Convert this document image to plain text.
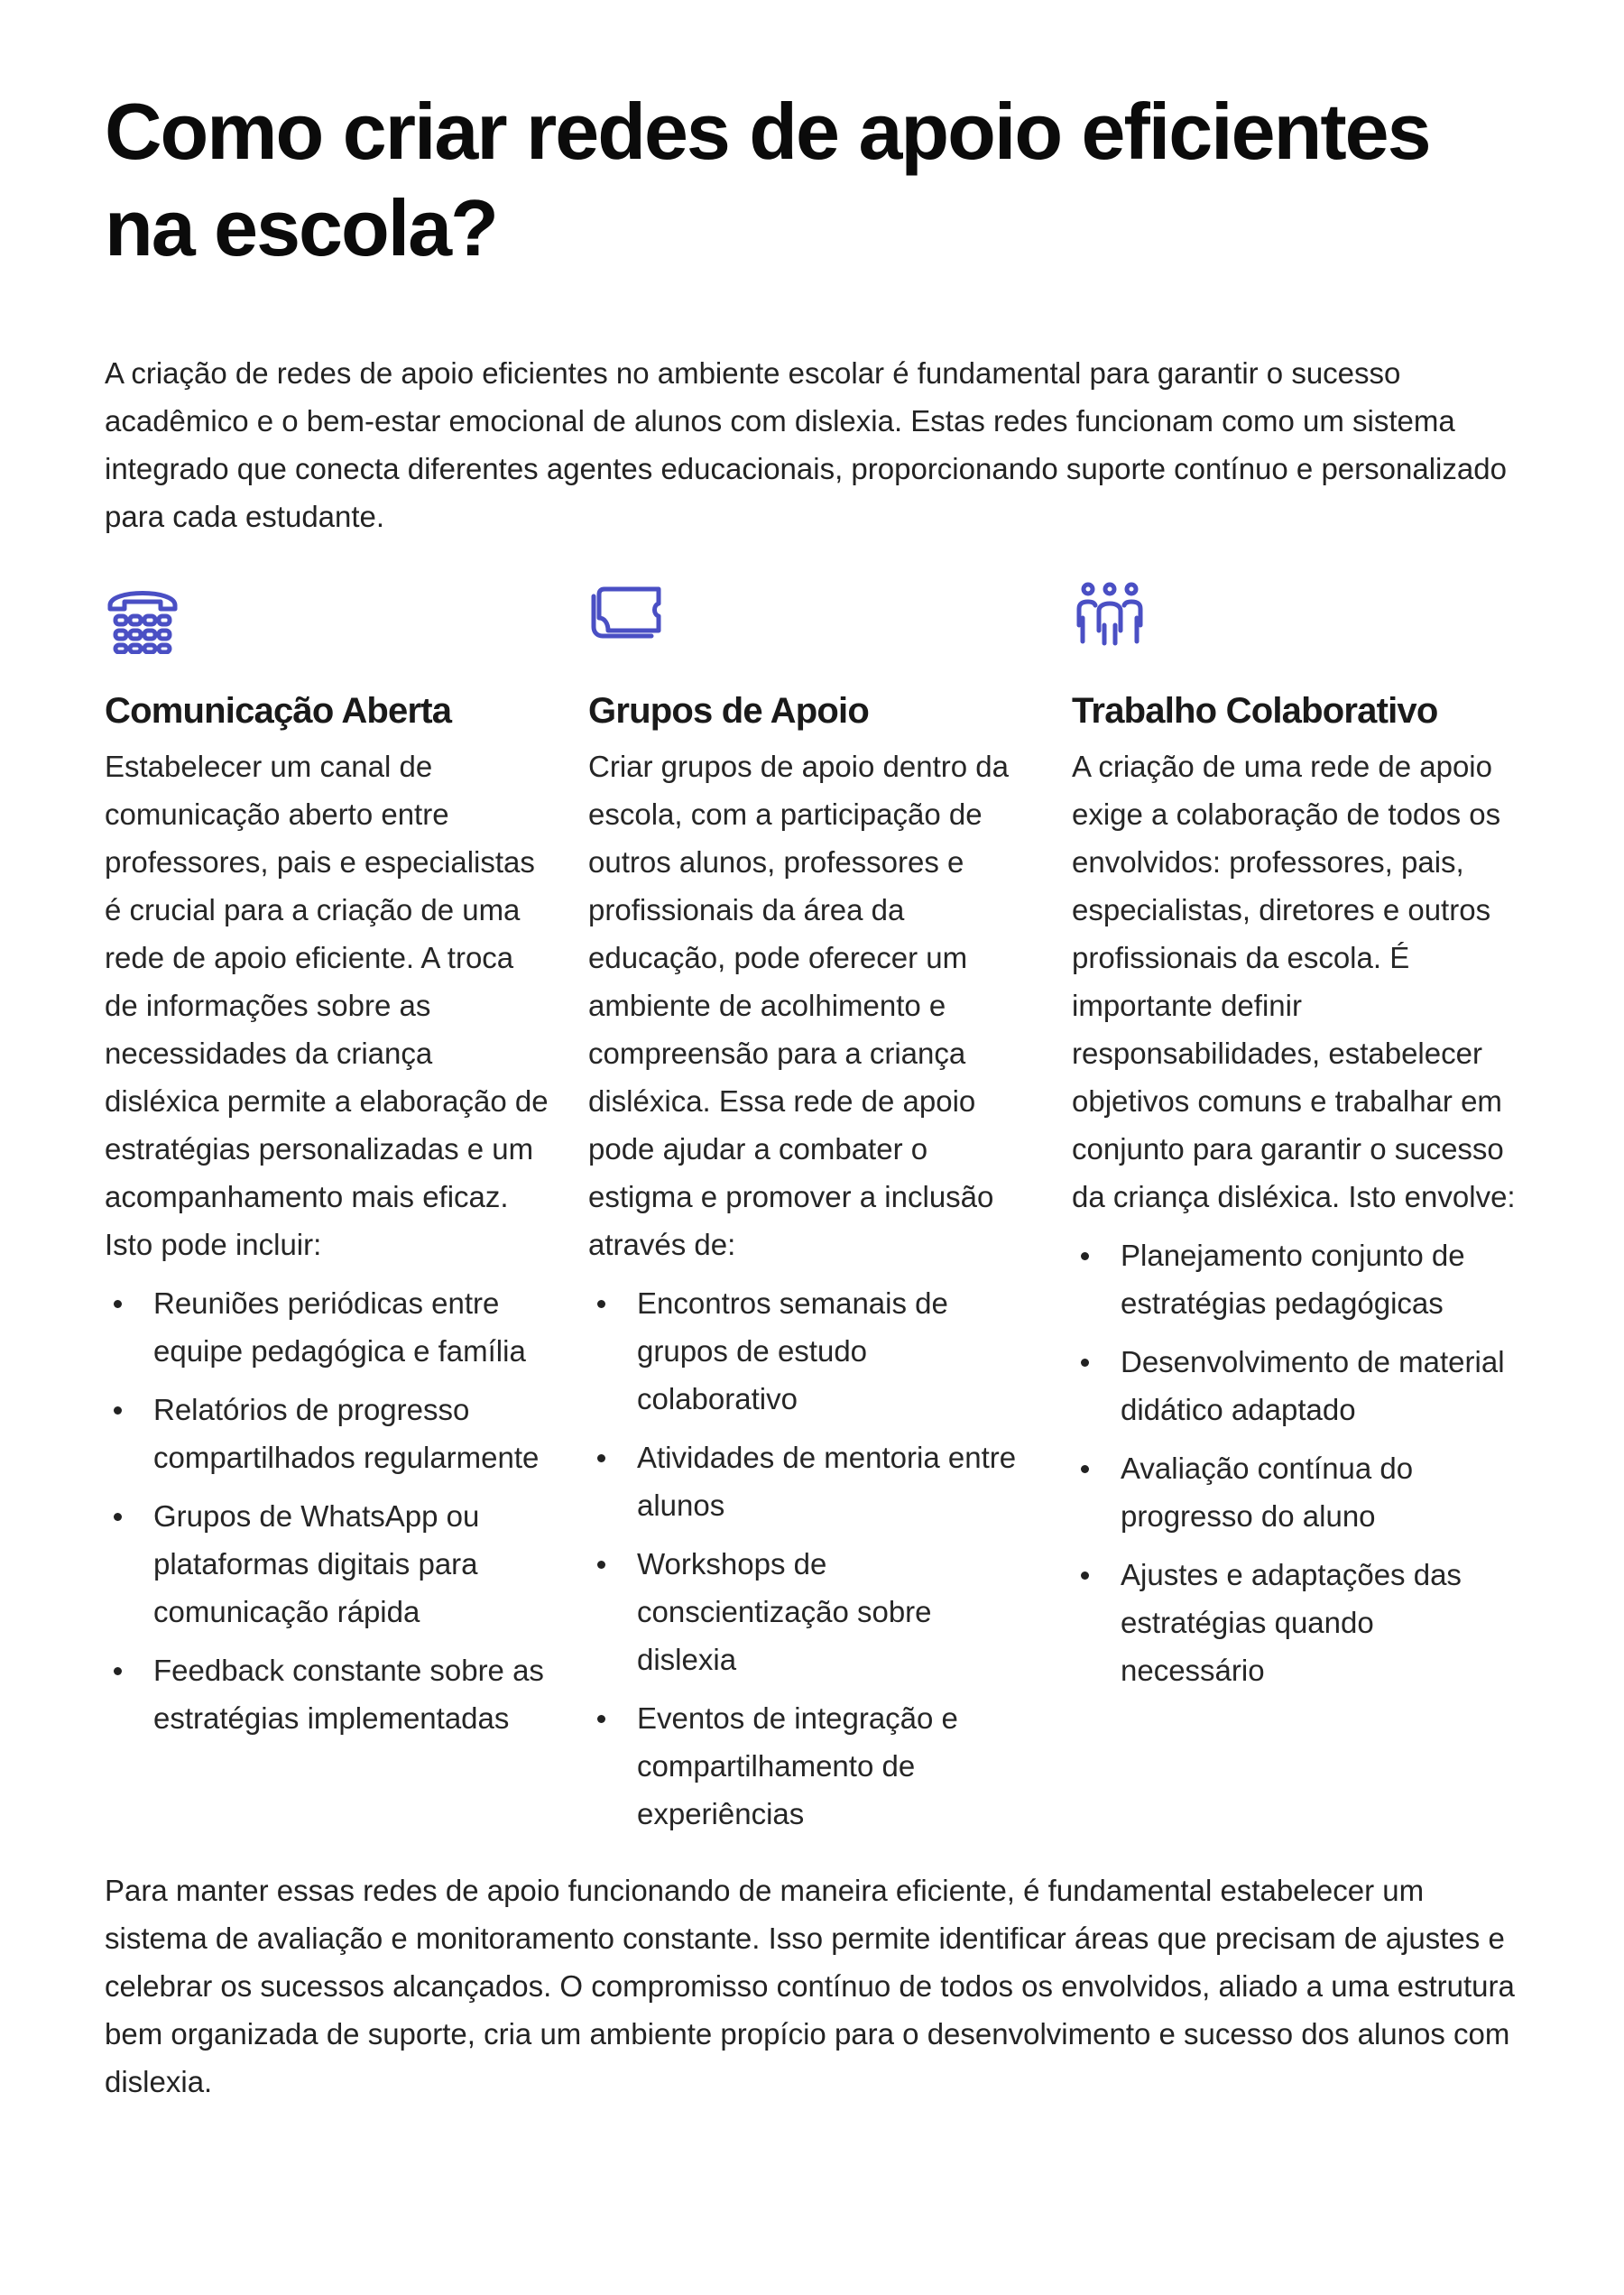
Como criar redes de apoio eficientes na escola?

A criação de redes de apoio eficientes no ambiente escolar é fundamental para garantir o sucesso acadêmico e o bem-estar emocional de alunos com dislexia. Estas redes funcionam como um sistema integrado que conecta diferentes agentes educacionais, proporcionando suporte contínuo e personalizado para cada estudante.

Comunicação Aberta

Estabelecer um canal de comunicação aberto entre professores, pais e especialistas é crucial para a criação de uma rede de apoio eficiente. A troca de informações sobre as necessidades da criança disléxica permite a elaboração de estratégias personalizadas e um acompanhamento mais eficaz. Isto pode incluir:

Reuniões periódicas entre equipe pedagógica e família
Relatórios de progresso compartilhados regularmente
Grupos de WhatsApp ou plataformas digitais para comunicação rápida
Feedback constante sobre as estratégias implementadas
Grupos de Apoio

Criar grupos de apoio dentro da escola, com a participação de outros alunos, professores e profissionais da área da educação, pode oferecer um ambiente de acolhimento e compreensão para a criança disléxica. Essa rede de apoio pode ajudar a combater o estigma e promover a inclusão através de:

Encontros semanais de grupos de estudo colaborativo
Atividades de mentoria entre alunos
Workshops de conscientização sobre dislexia
Eventos de integração e compartilhamento de experiências
Trabalho Colaborativo

A criação de uma rede de apoio exige a colaboração de todos os envolvidos: professores, pais, especialistas, diretores e outros profissionais da escola. É importante definir responsabilidades, estabelecer objetivos comuns e trabalhar em conjunto para garantir o sucesso da criança disléxica. Isto envolve:

Planejamento conjunto de estratégias pedagógicas
Desenvolvimento de material didático adaptado
Avaliação contínua do progresso do aluno
Ajustes e adaptações das estratégias quando necessário

Para manter essas redes de apoio funcionando de maneira eficiente, é fundamental estabelecer um sistema de avaliação e monitoramento constante. Isso permite identificar áreas que precisam de ajustes e celebrar os sucessos alcançados. O compromisso contínuo de todos os envolvidos, aliado a uma estrutura bem organizada de suporte, cria um ambiente propício para o desenvolvimento e sucesso dos alunos com dislexia.
